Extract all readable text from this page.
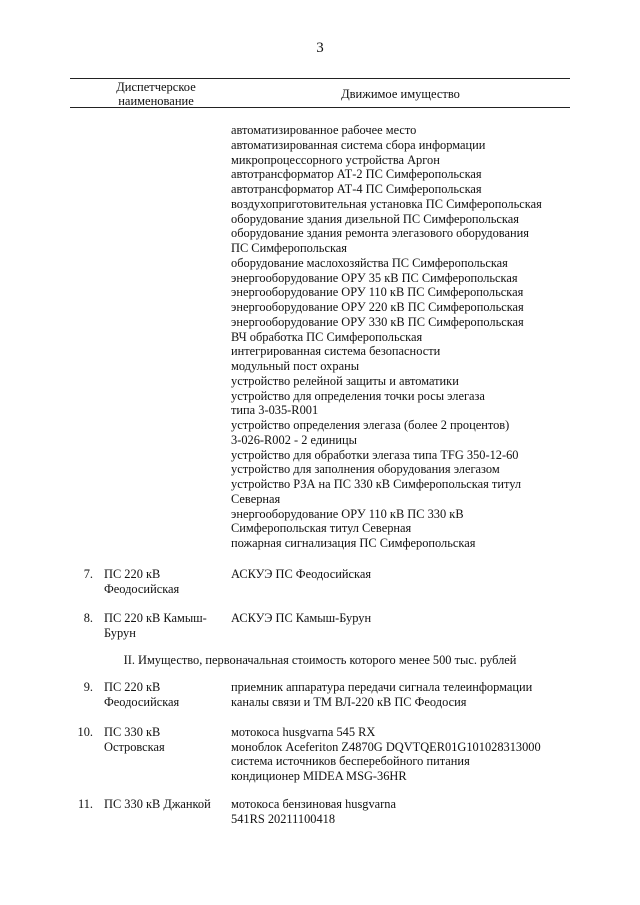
3
Диспетчерское
наименование	Движимое имущество
автоматизированное рабочее место
автоматизированная система сбора информации
микропроцессорного устройства Аргон
автотрансформатор АТ-2 ПС Симферопольская
автотрансформатор АТ-4 ПС Симферопольская
воздухоприготовительная установка ПС Симферопольская
оборудование здания дизельной ПС Симферопольская
оборудование здания ремонта элегазового оборудования
ПС Симферопольская
оборудование маслохозяйства ПС Симферопольская
энергооборудование ОРУ 35 кВ ПС Симферопольская
энергооборудование ОРУ 110 кВ ПС Симферопольская
энергооборудование ОРУ 220 кВ ПС Симферопольская
энергооборудование ОРУ 330 кВ ПС Симферопольская
ВЧ обработка ПС Симферопольская
интегрированная система безопасности
модульный пост охраны
устройство релейной защиты и автоматики
устройство для определения точки росы элегаза
типа 3-035-R001
устройство определения элегаза (более 2 процентов)
3-026-R002 - 2 единицы
устройство для обработки элегаза типа TFG 350-12-60
устройство для заполнения оборудования элегазом
устройство РЗА на ПС 330 кВ Симферопольская титул
Северная
энергооборудование ОРУ 110 кВ ПС 330 кВ
Симферопольская титул Северная
пожарная сигнализация ПС Симферопольская
7. ПС 220 кВ
Феодосийская
АСКУЭ ПС Феодосийская
8. ПС 220 кВ Камыш-
Бурун
АСКУЭ ПС Камыш-Бурун
II. Имущество, первоначальная стоимость которого менее 500 тыс. рублей
9. ПС 220 кВ
Феодосийская
приемник аппаратура передачи сигнала телеинформации
каналы связи и ТМ ВЛ-220 кВ ПС Феодосия
10. ПС 330 кВ
Островская
мотокоса husgvarna 545 RX
моноблок Aceferiton Z4870G DQVTQER01G101028313000
система источников бесперебойного питания
кондиционер MIDEA MSG-36HR
11. ПС 330 кВ Джанкой	мотокоса бензиновая husgvarna
541RS 20211100418
